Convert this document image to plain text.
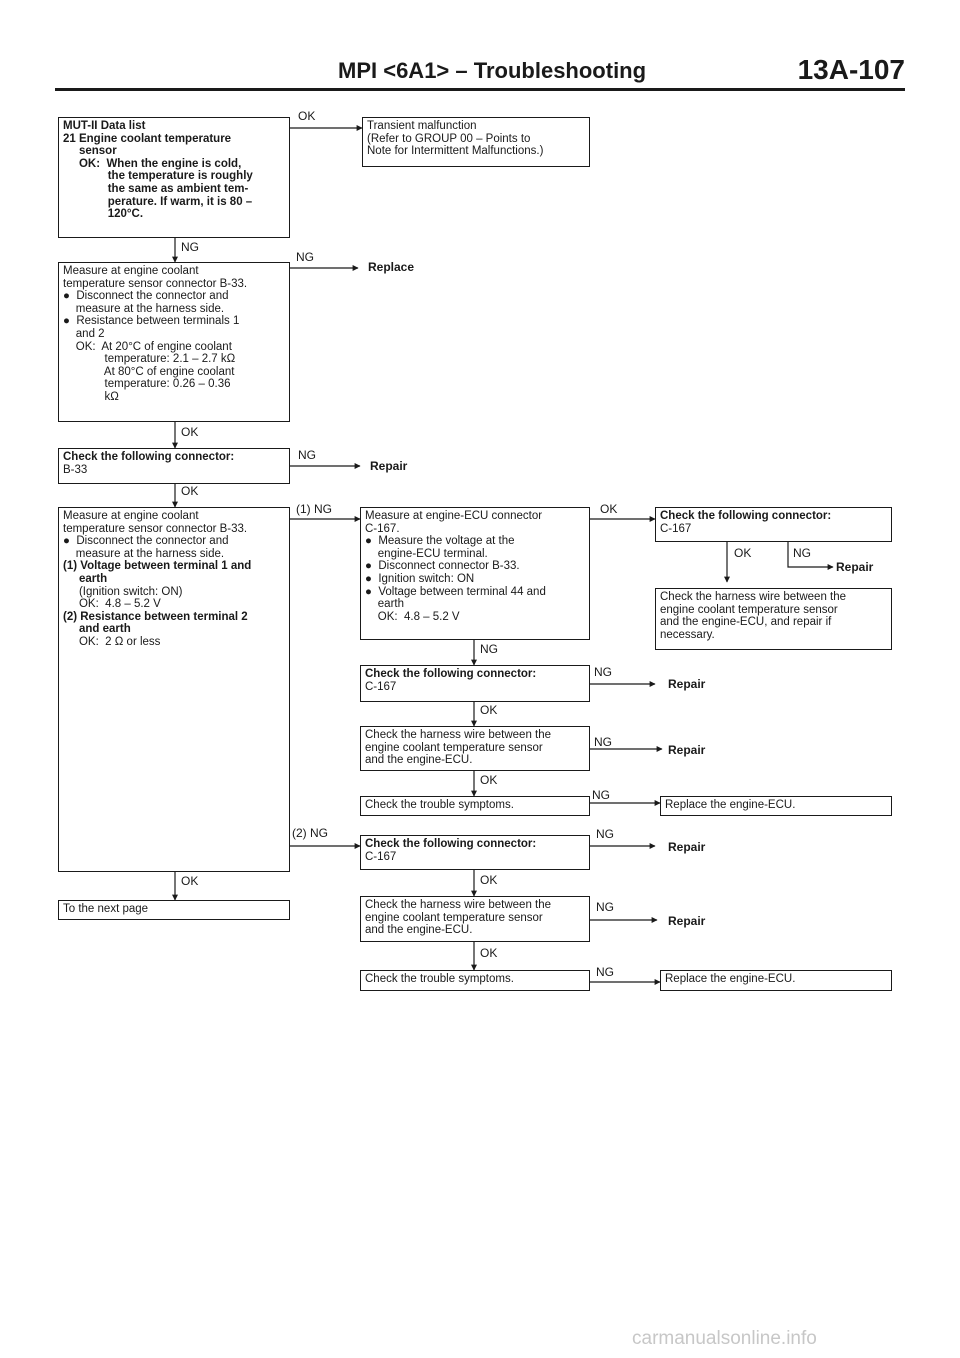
MPI <6A1> – Troubleshooting	13A-107
MUT-II Data list
21 Engine coolant temperature
sensor
OK:  When the engine is cold,
the temperature is roughly
the same as ambient tem-
perature. If warm, it is 80 –
120°C.
Transient malfunction
(Refer to GROUP 00 – Points to
Note for Intermittent Malfunctions.)
Measure at engine coolant
temperature sensor connector B-33.
●  Disconnect the connector and
measure at the harness side.
●  Resistance between terminals 1
and 2
OK:  At 20°C of engine coolant
temperature: 2.1 – 2.7 kΩ
At 80°C of engine coolant
temperature: 0.26 – 0.36
kΩ
Check the following connector:
B-33
Measure at engine coolant
temperature sensor connector B-33.
●  Disconnect the connector and
measure at the harness side.
(1) Voltage between terminal 1 and
earth
(Ignition switch: ON)
OK:  4.8 – 5.2 V
(2) Resistance between terminal 2
and earth
OK:  2 Ω or less
To the next page
Measure at engine-ECU connector
C-167.
●  Measure the voltage at the
engine-ECU terminal.
●  Disconnect connector B-33.
●  Ignition switch: ON
●  Voltage between terminal 44 and
earth
OK:  4.8 – 5.2 V
Check the following connector:
C-167
Check the harness wire between the
engine coolant temperature sensor
and the engine-ECU, and repair if
necessary.
Check the following connector:
C-167
Check the harness wire between the
engine coolant temperature sensor
and the engine-ECU.
Check the trouble symptoms.	Replace the engine-ECU.
Check the following connector:
C-167
Check the harness wire between the
engine coolant temperature sensor
and the engine-ECU.
Check the trouble symptoms.	Replace the engine-ECU.
OK
NG
NG
OK
NG
OK
(1) NG
(2) NG
OK
OK
OK	NG
NG
OK
NG
OK
NG
NG
OK
NG
OK
NG
NG
Replace
Repair
Repair
Repair
Repair
Repair
Repair
carmanualsonline.info
